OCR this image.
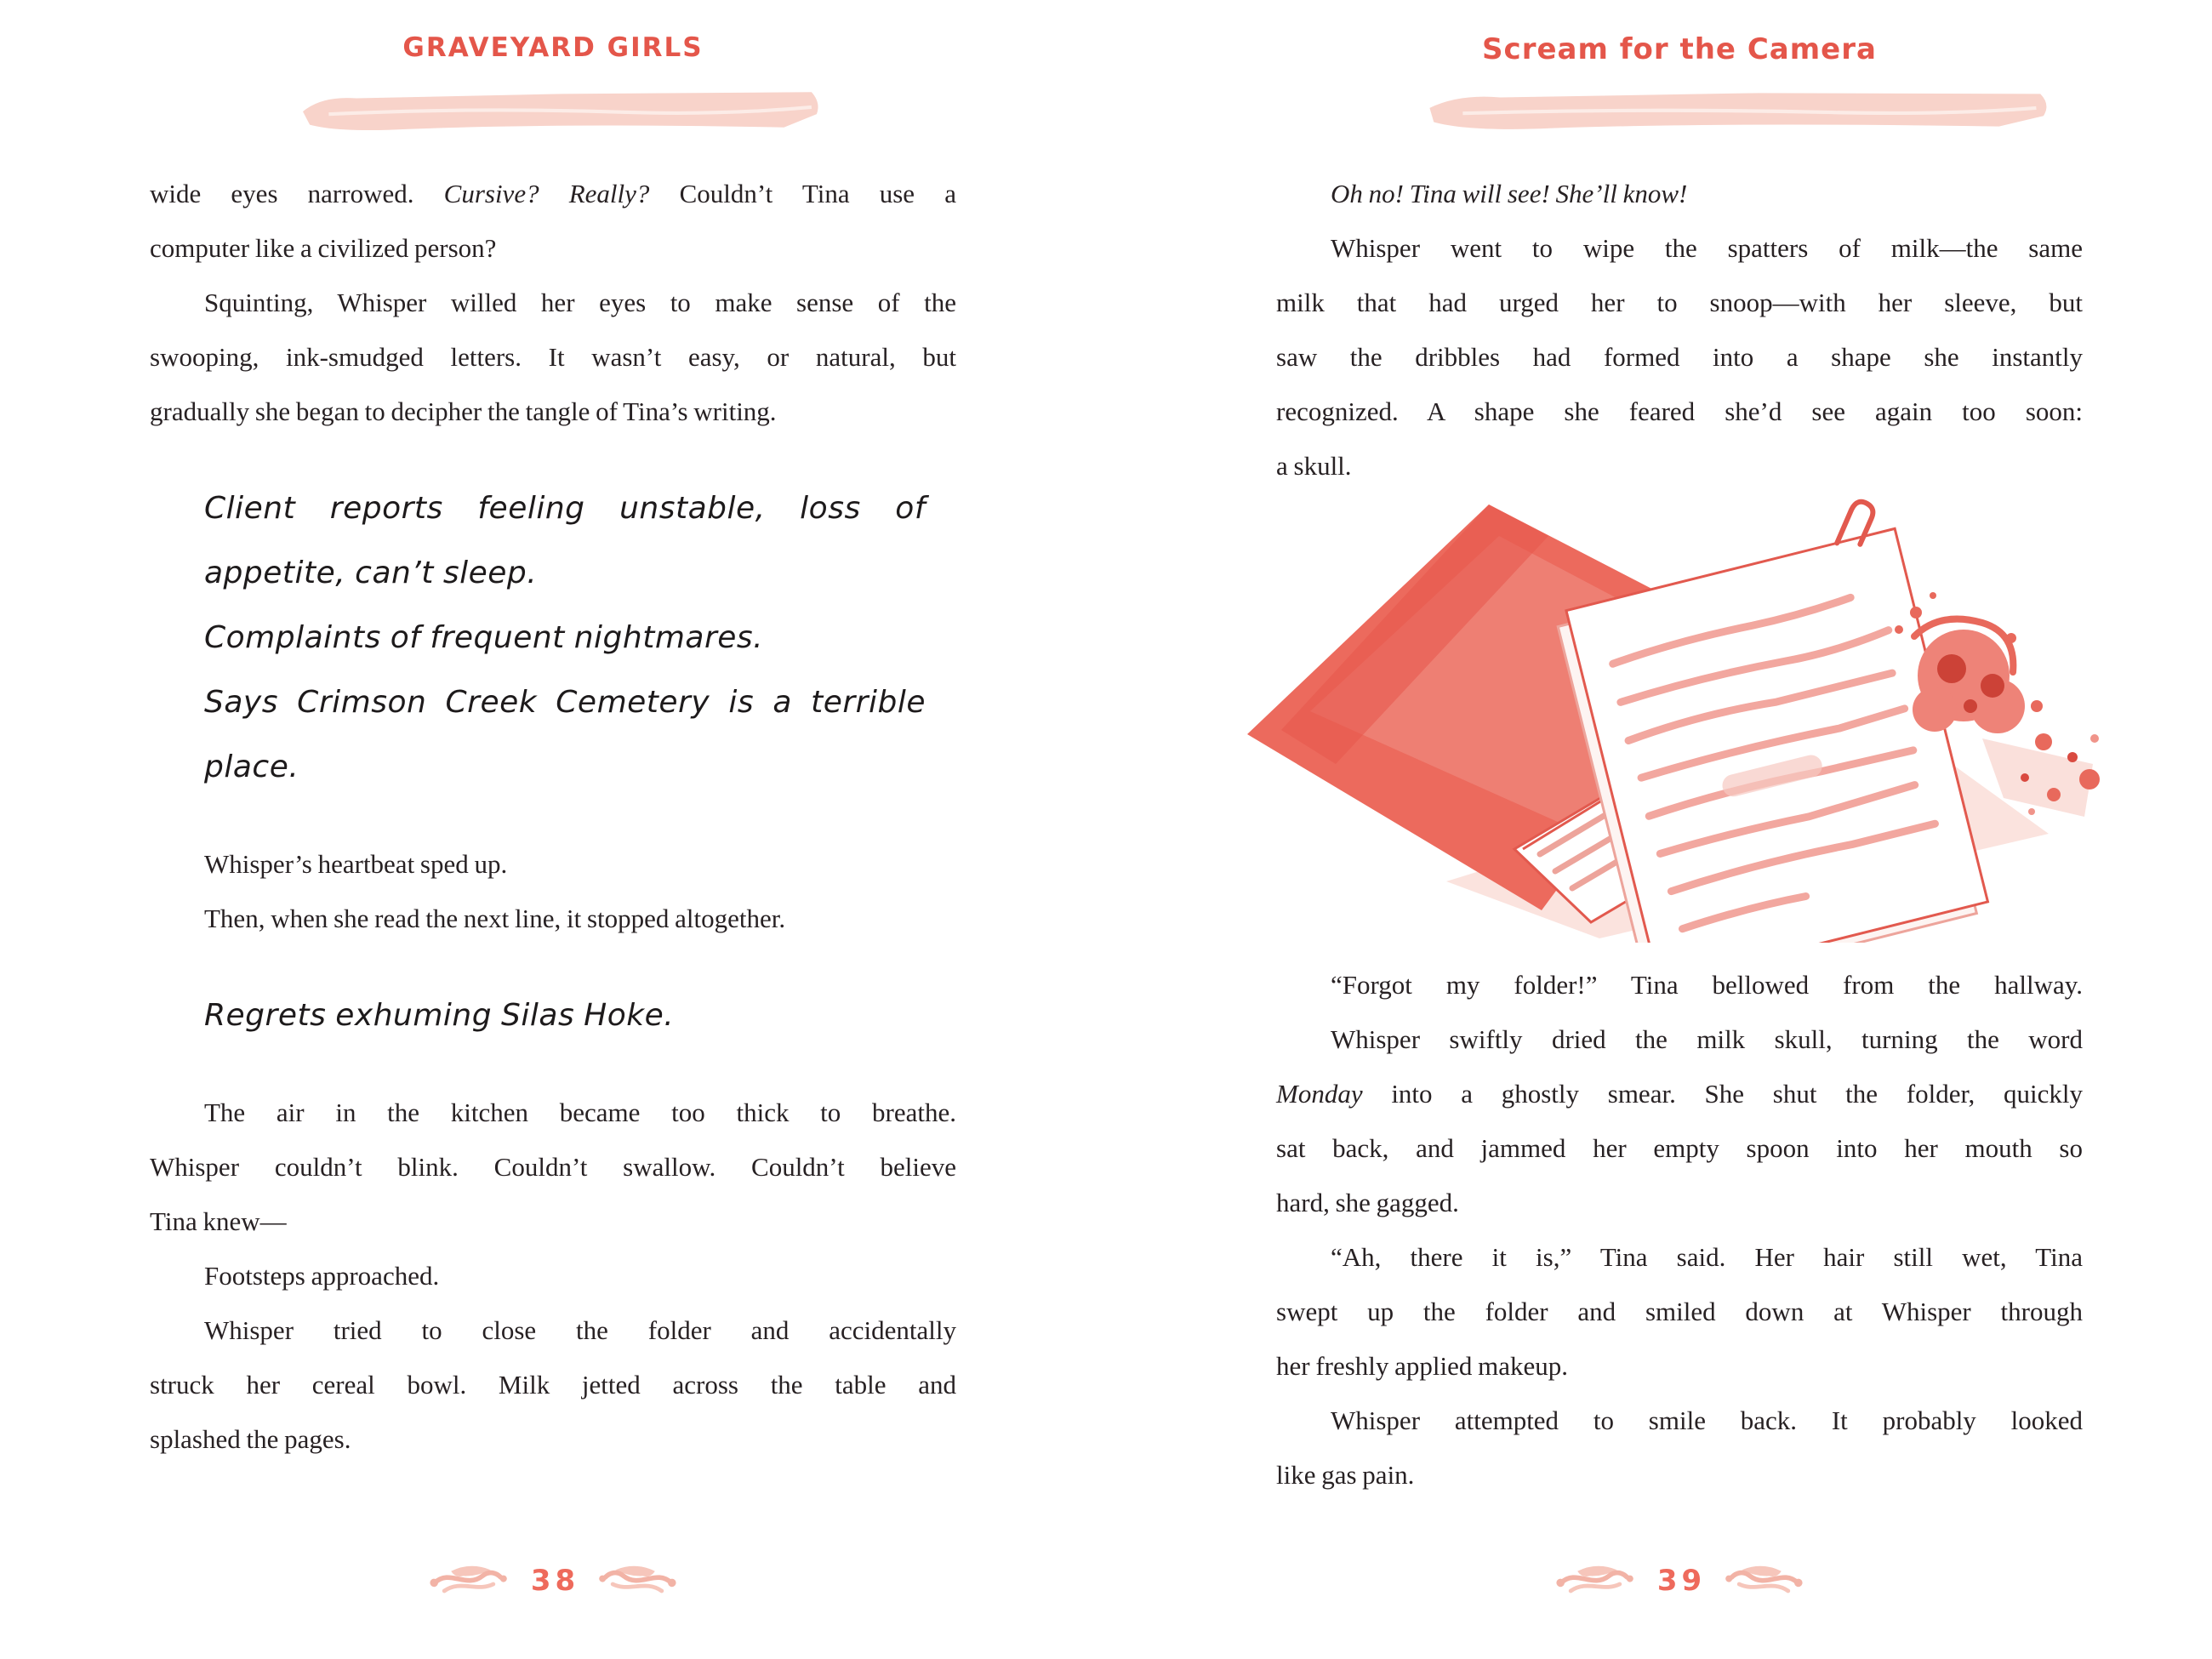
GRAVEYARD GIRLS
wide eyes narrowed. Cursive? Really? Couldn’t Tina use a
computer like a civilized person?
Squinting, Whisper willed her eyes to make sense of the
swooping, ink-smudged letters. It wasn’t easy, or natural, but
gradually she began to decipher the tangle of Tina’s writing.
Client reports feeling unstable, loss of
appetite, can’t sleep.
Complaints of frequent nightmares.
Says Crimson Creek Cemetery is a terrible
place.
Whisper’s heartbeat sped up.
Then, when she read the next line, it stopped altogether.
Regrets exhuming Silas Hoke.
The air in the kitchen became too thick to breathe.
Whisper couldn’t blink. Couldn’t swallow. Couldn’t believe
Tina knew—
Footsteps approached.
Whisper tried to close the folder and accidentally
struck her cereal bowl. Milk jetted across the table and
splashed the pages.
38
Scream for the Camera
Oh no! Tina will see! She’ll know!
Whisper went to wipe the spatters of milk—the same
milk that had urged her to snoop—with her sleeve, but
saw the dribbles had formed into a shape she instantly
recognized. A shape she feared she’d see again too soon:
a skull.
“Forgot my folder!” Tina bellowed from the hallway.
Whisper swiftly dried the milk skull, turning the word
Monday into a ghostly smear. She shut the folder, quickly
sat back, and jammed her empty spoon into her mouth so
hard, she gagged.
“Ah, there it is,” Tina said. Her hair still wet, Tina
swept up the folder and smiled down at Whisper through
her freshly applied makeup.
Whisper attempted to smile back. It probably looked
like gas pain.
39
